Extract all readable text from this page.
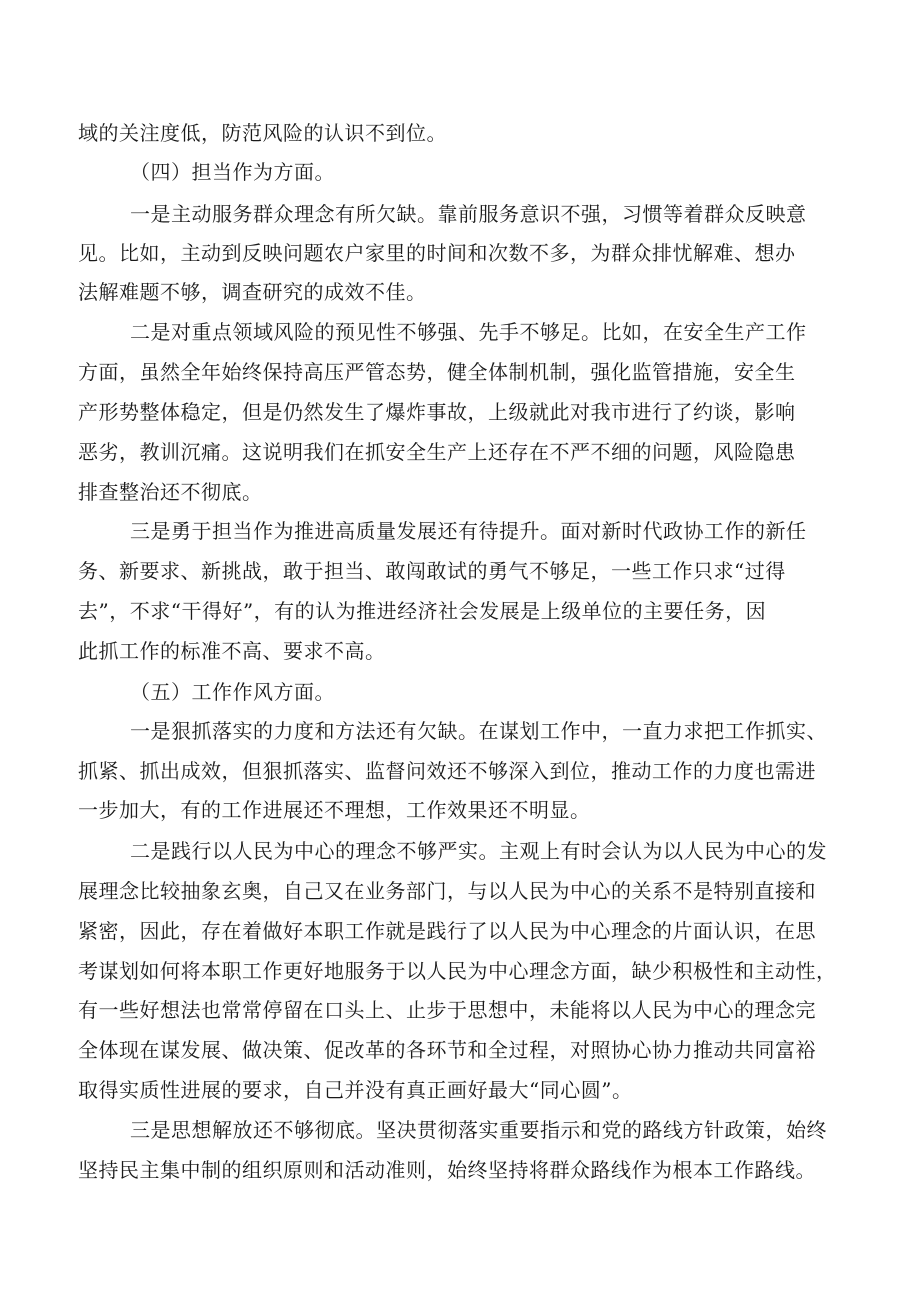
域的关注度低，防范风险的认识不到位。
（四）担当作为方面。
一是主动服务群众理念有所欠缺。靠前服务意识不强，习惯等着群众反映意
见。比如，主动到反映问题农户家里的时间和次数不多，为群众排忧解难、想办
法解难题不够，调查研究的成效不佳。
二是对重点领域风险的预见性不够强、先手不够足。比如，在安全生产工作
方面，虽然全年始终保持高压严管态势，健全体制机制，强化监管措施，安全生
产形势整体稳定，但是仍然发生了爆炸事故，上级就此对我市进行了约谈，影响
恶劣，教训沉痛。这说明我们在抓安全生产上还存在不严不细的问题，风险隐患
排查整治还不彻底。
三是勇于担当作为推进高质量发展还有待提升。面对新时代政协工作的新任
务、新要求、新挑战，敢于担当、敢闯敢试的勇气不够足，一些工作只求“过得
去”，不求“干得好”，有的认为推进经济社会发展是上级单位的主要任务，因
此抓工作的标准不高、要求不高。
（五）工作作风方面。
一是狠抓落实的力度和方法还有欠缺。在谋划工作中，一直力求把工作抓实、
抓紧、抓出成效，但狠抓落实、监督问效还不够深入到位，推动工作的力度也需进
一步加大，有的工作进展还不理想，工作效果还不明显。
二是践行以人民为中心的理念不够严实。主观上有时会认为以人民为中心的发
展理念比较抽象玄奥，自己又在业务部门，与以人民为中心的关系不是特别直接和
紧密，因此，存在着做好本职工作就是践行了以人民为中心理念的片面认识，在思
考谋划如何将本职工作更好地服务于以人民为中心理念方面，缺少积极性和主动性，
有一些好想法也常常停留在口头上、止步于思想中，未能将以人民为中心的理念完
全体现在谋发展、做决策、促改革的各环节和全过程，对照协心协力推动共同富裕
取得实质性进展的要求，自己并没有真正画好最大“同心圆”。
三是思想解放还不够彻底。坚决贯彻落实重要指示和党的路线方针政策，始终
坚持民主集中制的组织原则和活动准则，始终坚持将群众路线作为根本工作路线。
